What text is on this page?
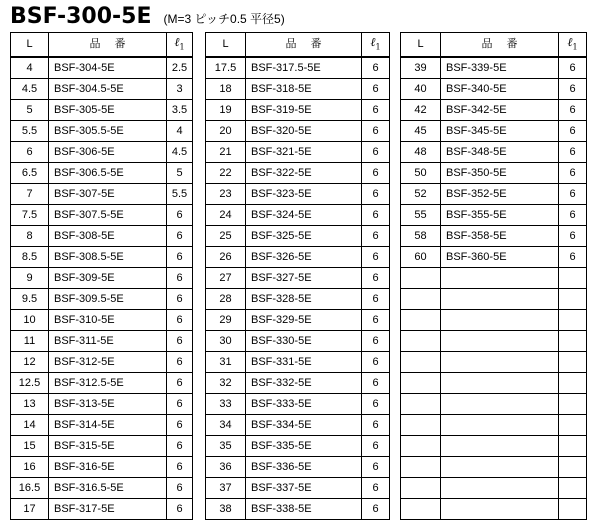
BSF-300-5E (M=3 ピッチ0.5 平径5)
L	品番	ℓ$_1$
4	BSF-304-5E	2.5
4.5	BSF-304.5-5E	3
5	BSF-305-5E	3.5
5.5	BSF-305.5-5E	4
6	BSF-306-5E	4.5
6.5	BSF-306.5-5E	5
7	BSF-307-5E	5.5
7.5	BSF-307.5-5E	6
8	BSF-308-5E	6
8.5	BSF-308.5-5E	6
9	BSF-309-5E	6
9.5	BSF-309.5-5E	6
10	BSF-310-5E	6
11	BSF-311-5E	6
12	BSF-312-5E	6
12.5	BSF-312.5-5E	6
13	BSF-313-5E	6
14	BSF-314-5E	6
15	BSF-315-5E	6
16	BSF-316-5E	6
16.5	BSF-316.5-5E	6
17	BSF-317-5E	6
L	品番	ℓ$_1$
17.5	BSF-317.5-5E	6
18	BSF-318-5E	6
19	BSF-319-5E	6
20	BSF-320-5E	6
21	BSF-321-5E	6
22	BSF-322-5E	6
23	BSF-323-5E	6
24	BSF-324-5E	6
25	BSF-325-5E	6
26	BSF-326-5E	6
27	BSF-327-5E	6
28	BSF-328-5E	6
29	BSF-329-5E	6
30	BSF-330-5E	6
31	BSF-331-5E	6
32	BSF-332-5E	6
33	BSF-333-5E	6
34	BSF-334-5E	6
35	BSF-335-5E	6
36	BSF-336-5E	6
37	BSF-337-5E	6
38	BSF-338-5E	6
L	品番	ℓ$_1$
39	BSF-339-5E	6
40	BSF-340-5E	6
42	BSF-342-5E	6
45	BSF-345-5E	6
48	BSF-348-5E	6
50	BSF-350-5E	6
52	BSF-352-5E	6
55	BSF-355-5E	6
58	BSF-358-5E	6
60	BSF-360-5E	6
